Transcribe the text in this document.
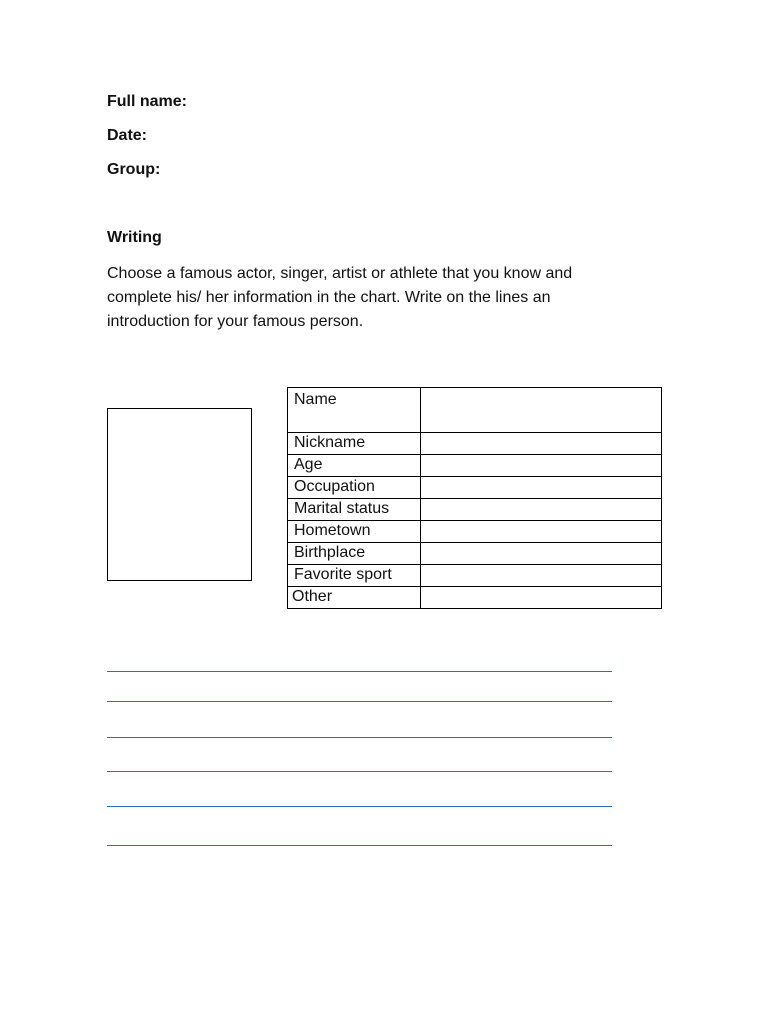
Full name:
Date:
Group:
Writing

Choose a famous actor, singer, artist or athlete that you know and complete his/ her information in the chart. Write on the lines an introduction for your famous person.

Name	
Nickname	
Age	
Occupation	
Marital status	
Hometown	
Birthplace	
Favorite sport	
Other	
